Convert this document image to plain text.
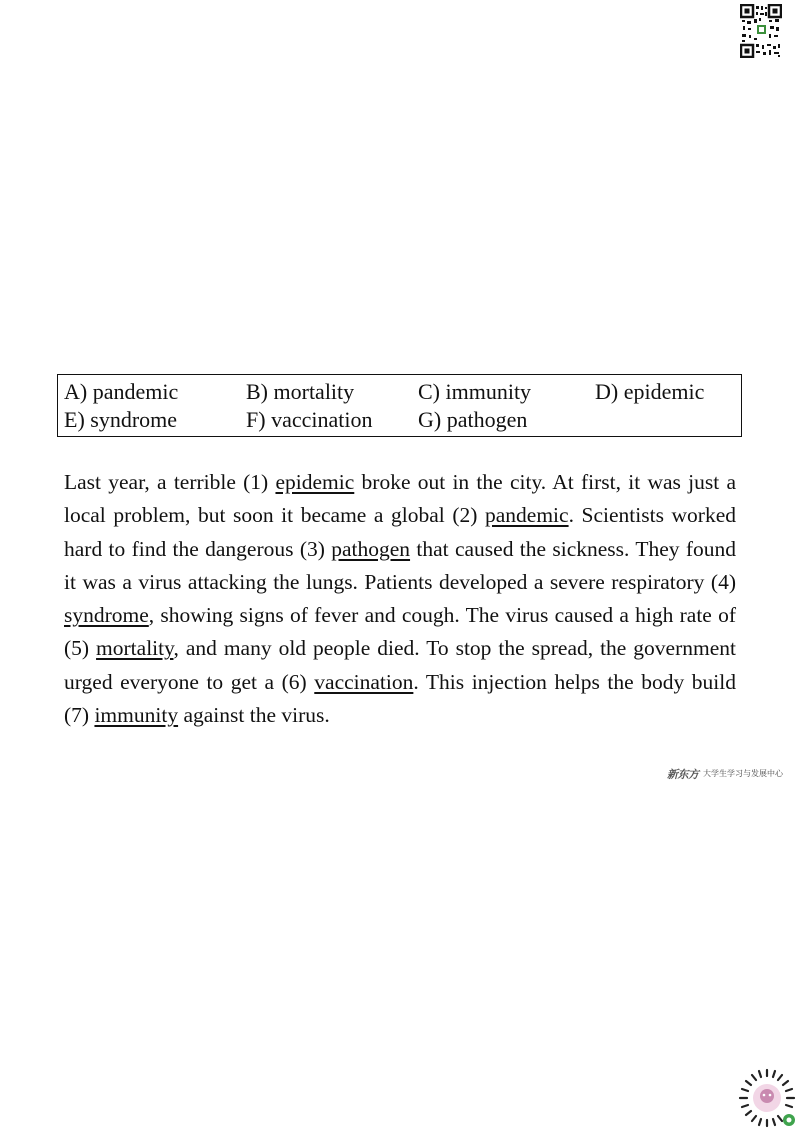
A) pandemic	B) mortality	C) immunity	D) epidemic
E) syndrome	F) vaccination G) pathogen
Last year, a terrible (1) epidemic broke out in the city. At first, it was just a local problem, but soon it became a global (2) pandemic. Scientists worked hard to find the dangerous (3) pathogen that caused the sickness. They found it was a virus attacking the lungs. Patients developed a severe respiratory (4) syndrome, showing signs of fever and cough. The virus caused a high rate of (5) mortality, and many old people died. To stop the spread, the government urged everyone to get a (6) vaccination. This injection helps the body build (7) immunity against the virus.
新东方 大学生学习与发展中心
